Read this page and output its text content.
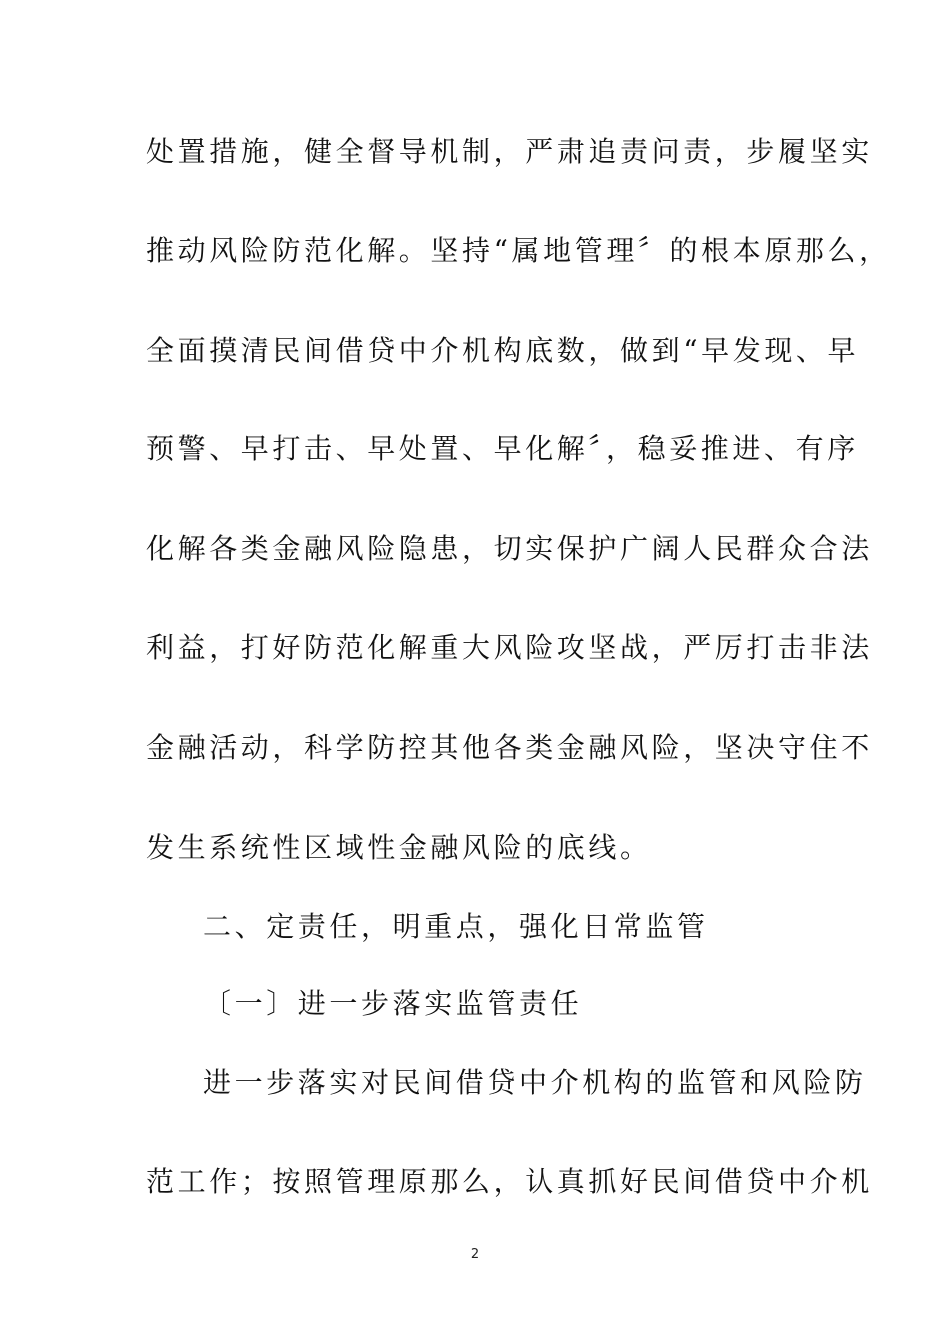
处置措施，健全督导机制，严肃追责问责，步履坚实
推动风险防范化解。坚持“属地管理〞的根本原那么，
全面摸清民间借贷中介机构底数，做到“早发现、早
预警、早打击、早处置、早化解〞，稳妥推进、有序
化解各类金融风险隐患，切实保护广阔人民群众合法
利益，打好防范化解重大风险攻坚战，严厉打击非法
金融活动，科学防控其他各类金融风险，坚决守住不
发生系统性区域性金融风险的底线。
二、定责任，明重点，强化日常监管
〔一〕进一步落实监管责任
进一步落实对民间借贷中介机构的监管和风险防
范工作；按照管理原那么，认真抓好民间借贷中介机
2
